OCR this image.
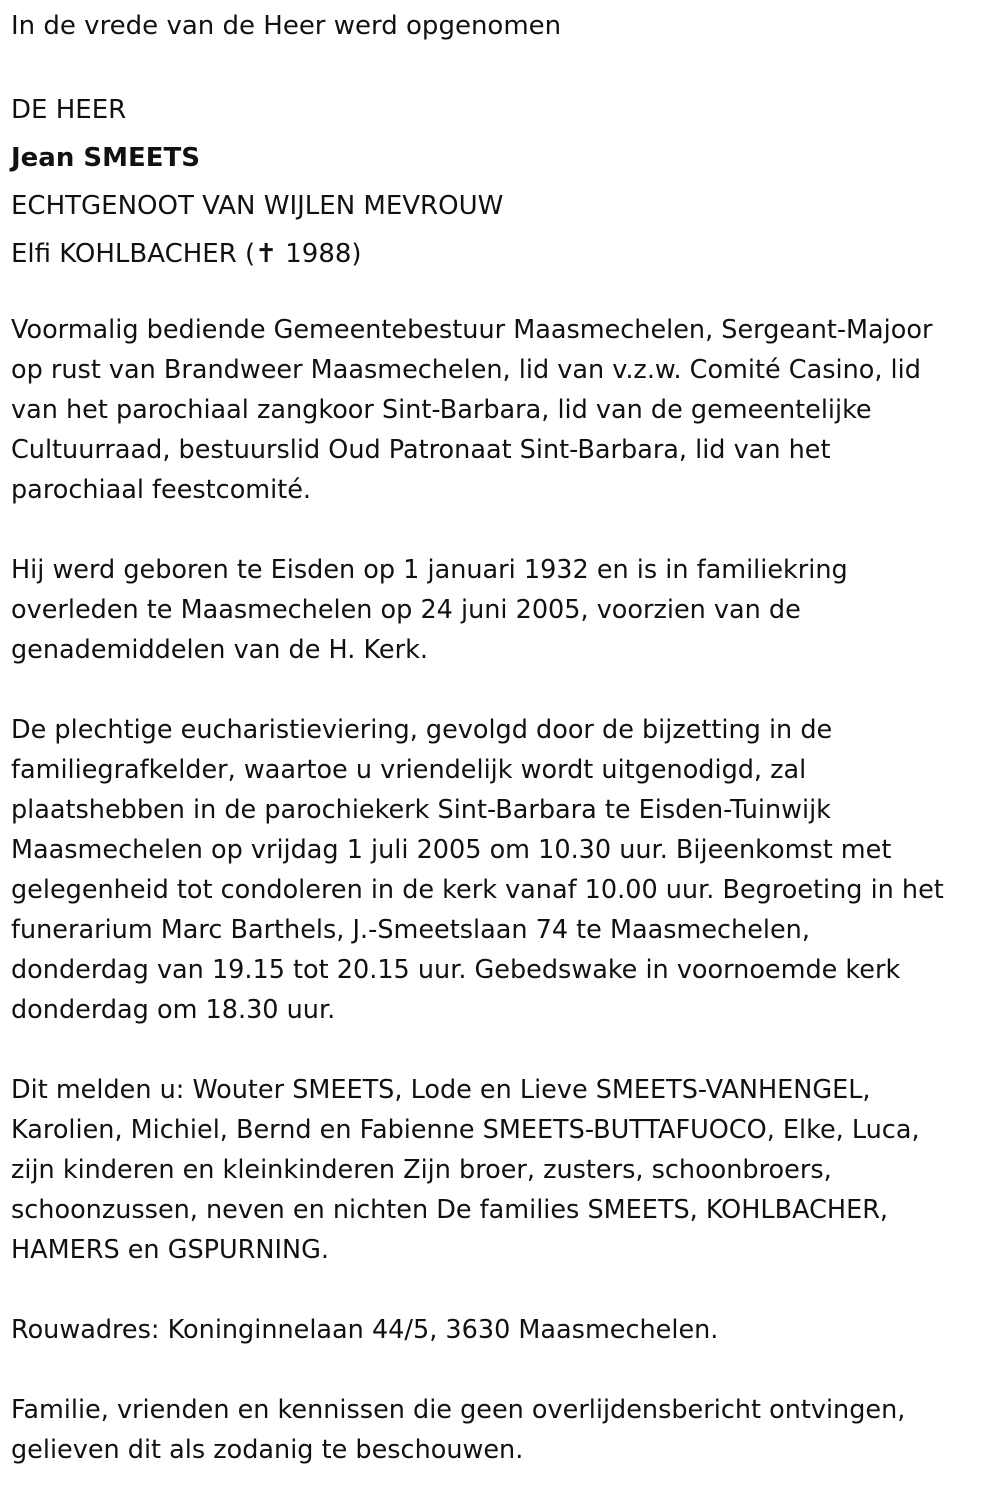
In de vrede van de Heer werd opgenomen

DE HEER

Jean SMEETS

ECHTGENOOT VAN WIJLEN MEVROUW

Elfi KOHLBACHER (✝ 1988)

Voormalig bediende Gemeentebestuur Maasmechelen, Sergeant-Majoor
op rust van Brandweer Maasmechelen, lid van v.z.w. Comité Casino, lid
van het parochiaal zangkoor Sint-Barbara, lid van de gemeentelijke
Cultuurraad, bestuurslid Oud Patronaat Sint-Barbara, lid van het
parochiaal feestcomité.
Hij werd geboren te Eisden op 1 januari 1932 en is in familiekring
overleden te Maasmechelen op 24 juni 2005, voorzien van de
genademiddelen van de H. Kerk.
De plechtige eucharistieviering, gevolgd door de bijzetting in de
familiegrafkelder, waartoe u vriendelijk wordt uitgenodigd, zal
plaatshebben in de parochiekerk Sint-Barbara te Eisden-Tuinwijk
Maasmechelen op vrijdag 1 juli 2005 om 10.30 uur. Bijeenkomst met
gelegenheid tot condoleren in de kerk vanaf 10.00 uur. Begroeting in het
funerarium Marc Barthels, J.-Smeetslaan 74 te Maasmechelen,
donderdag van 19.15 tot 20.15 uur. Gebedswake in voornoemde kerk
donderdag om 18.30 uur.
Dit melden u: Wouter SMEETS, Lode en Lieve SMEETS-VANHENGEL,
Karolien, Michiel, Bernd en Fabienne SMEETS-BUTTAFUOCO, Elke, Luca,
zijn kinderen en kleinkinderen Zijn broer, zusters, schoonbroers,
schoonzussen, neven en nichten De families SMEETS, KOHLBACHER,
HAMERS en GSPURNING.
Rouwadres: Koninginnelaan 44/5, 3630 Maasmechelen.
Familie, vrienden en kennissen die geen overlijdensbericht ontvingen,
gelieven dit als zodanig te beschouwen.
